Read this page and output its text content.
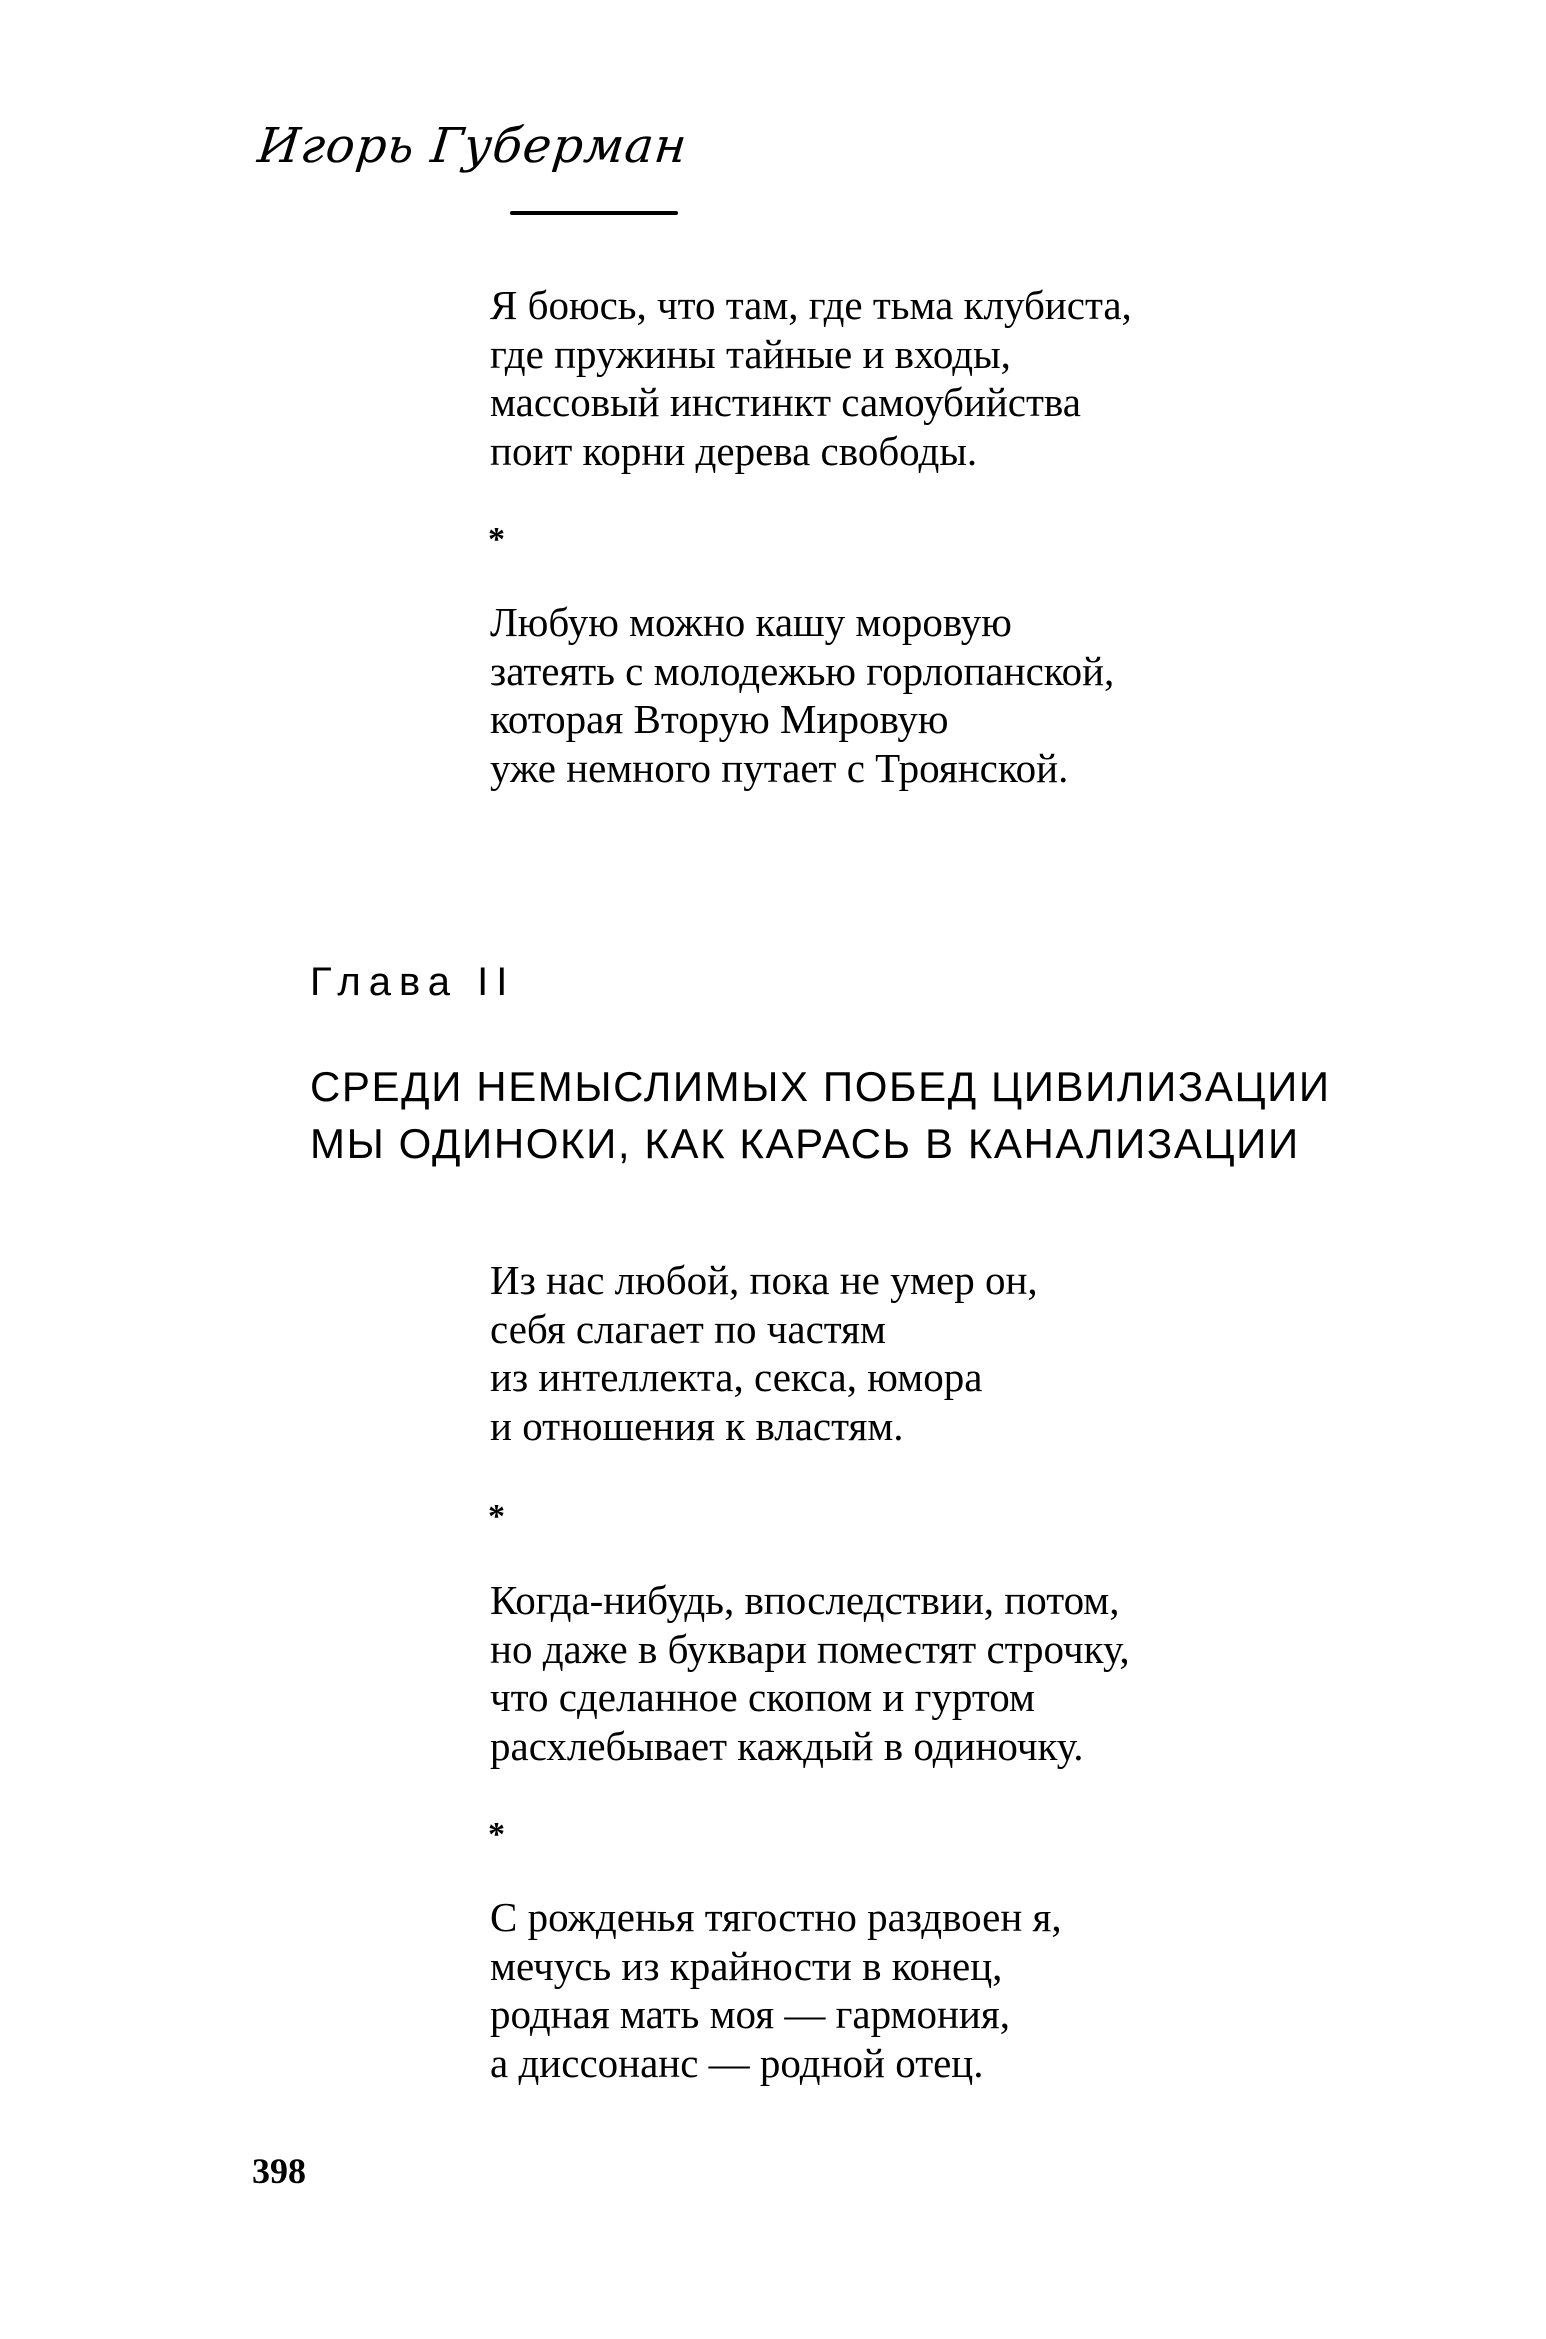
Игорь Губерман
Я боюсь, что там, где тьма клубиста,
где пружины тайные и входы,
массовый инстинкт самоубийства
поит корни дерева свободы.
*
Любую можно кашу моровую
затеять с молодежью горлопанской,
которая Вторую Мировую
уже немного путает с Троянской.
Глава II
СРЕДИ НЕМЫСЛИМЫХ ПОБЕД ЦИВИЛИЗАЦИИ
МЫ ОДИНОКИ, КАК КАРАСЬ В КАНАЛИЗАЦИИ
Из нас любой, пока не умер он,
себя слагает по частям
из интеллекта, секса, юмора
и отношения к властям.
*
Когда-нибудь, впоследствии, потом,
но даже в буквари поместят строчку,
что сделанное скопом и гуртом
расхлебывает каждый в одиночку.
*
С рожденья тягостно раздвоен я,
мечусь из крайности в конец,
родная мать моя — гармония,
а диссонанс — родной отец.
398
